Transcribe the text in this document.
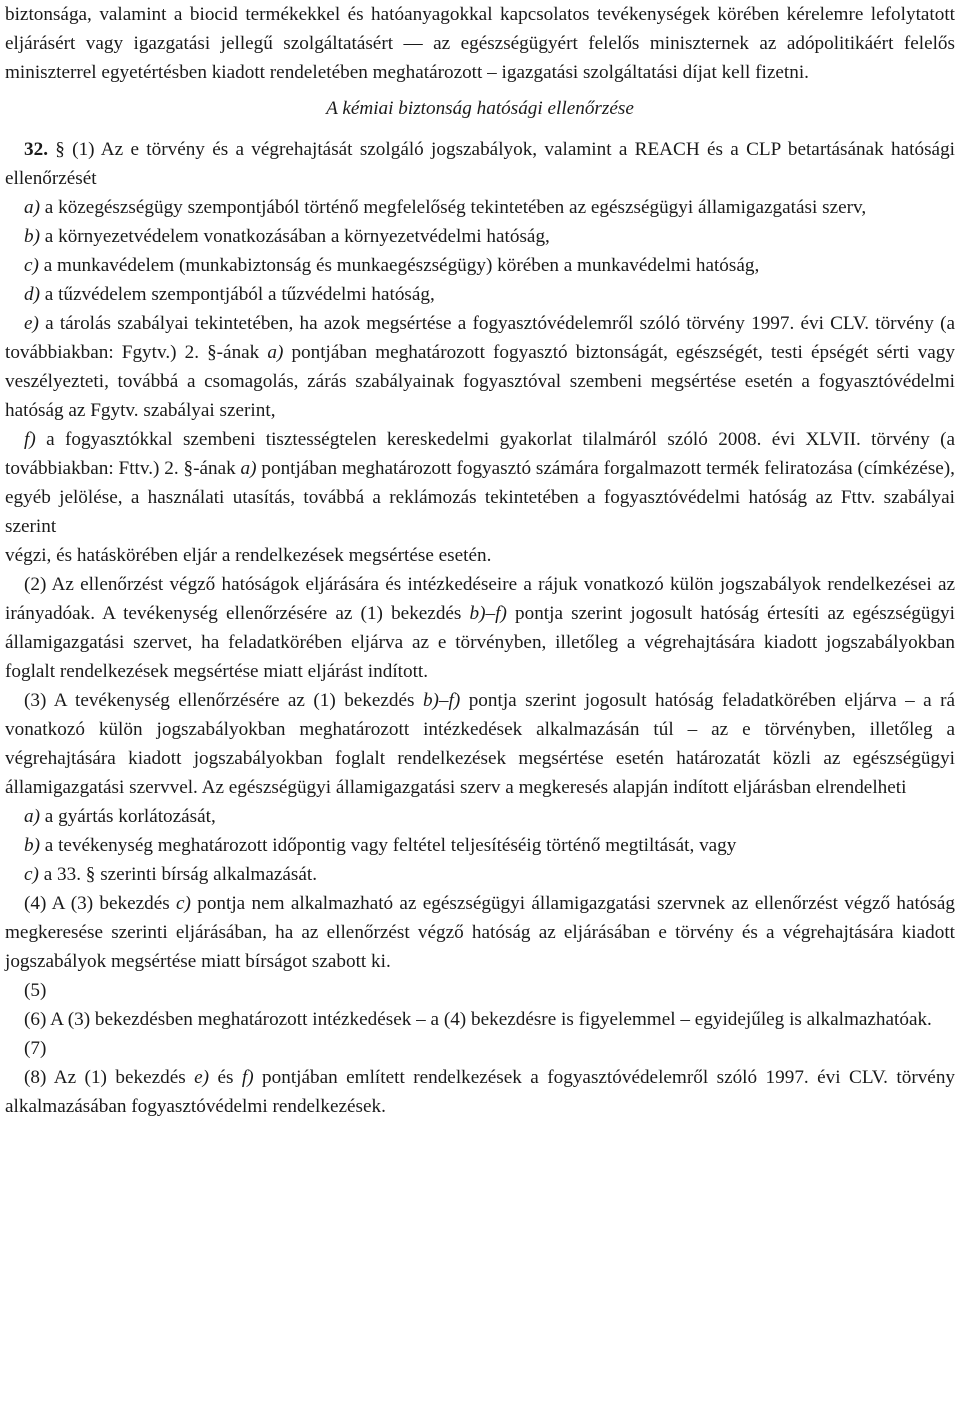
biztonsága, valamint a biocid termékekkel és hatóanyagokkal kapcsolatos tevékenységek körében kérelemre lefolytatott eljárásért vagy igazgatási jellegű szolgáltatásért — az egészségügyért felelős miniszternek az adópolitikáért felelős miniszterrel egyetértésben kiadott rendeletében meghatározott – igazgatási szolgáltatási díjat kell fizetni.

A kémiai biztonság hatósági ellenőrzése

32. § (1) Az e törvény és a végrehajtását szolgáló jogszabályok, valamint a REACH és a CLP betartásának hatósági ellenőrzését

a) a közegészségügy szempontjából történő megfelelőség tekintetében az egészségügyi államigazgatási szerv,

b) a környezetvédelem vonatkozásában a környezetvédelmi hatóság,

c) a munkavédelem (munkabiztonság és munkaegészségügy) körében a munkavédelmi hatóság,

d) a tűzvédelem szempontjából a tűzvédelmi hatóság,

e) a tárolás szabályai tekintetében, ha azok megsértése a fogyasztóvédelemről szóló törvény 1997. évi CLV. törvény (a továbbiakban: Fgytv.) 2. §-ának a) pontjában meghatározott fogyasztó biztonságát, egészségét, testi épségét sérti vagy veszélyezteti, továbbá a csomagolás, zárás szabályainak fogyasztóval szembeni megsértése esetén a fogyasztóvédelmi hatóság az Fgytv. szabályai szerint,

f) a fogyasztókkal szembeni tisztességtelen kereskedelmi gyakorlat tilalmáról szóló 2008. évi XLVII. törvény (a továbbiakban: Fttv.) 2. §-ának a) pontjában meghatározott fogyasztó számára forgalmazott termék feliratozása (címkézése), egyéb jelölése, a használati utasítás, továbbá a reklámozás tekintetében a fogyasztóvédelmi hatóság az Fttv. szabályai szerint

végzi, és hatáskörében eljár a rendelkezések megsértése esetén.

(2) Az ellenőrzést végző hatóságok eljárására és intézkedéseire a rájuk vonatkozó külön jogszabályok rendelkezései az irányadóak. A tevékenység ellenőrzésére az (1) bekezdés b)–f) pontja szerint jogosult hatóság értesíti az egészségügyi államigazgatási szervet, ha feladatkörében eljárva az e törvényben, illetőleg a végrehajtására kiadott jogszabályokban foglalt rendelkezések megsértése miatt eljárást indított.

(3) A tevékenység ellenőrzésére az (1) bekezdés b)–f) pontja szerint jogosult hatóság feladatkörében eljárva – a rá vonatkozó külön jogszabályokban meghatározott intézkedések alkalmazásán túl – az e törvényben, illetőleg a végrehajtására kiadott jogszabályokban foglalt rendelkezések megsértése esetén határozatát közli az egészségügyi államigazgatási szervvel. Az egészségügyi államigazgatási szerv a megkeresés alapján indított eljárásban elrendelheti

a) a gyártás korlátozását,

b) a tevékenység meghatározott időpontig vagy feltétel teljesítéséig történő megtiltását, vagy

c) a 33. § szerinti bírság alkalmazását.

(4) A (3) bekezdés c) pontja nem alkalmazható az egészségügyi államigazgatási szervnek az ellenőrzést végző hatóság megkeresése szerinti eljárásában, ha az ellenőrzést végző hatóság az eljárásában e törvény és a végrehajtására kiadott jogszabályok megsértése miatt bírságot szabott ki.

(5)

(6) A (3) bekezdésben meghatározott intézkedések – a (4) bekezdésre is figyelemmel – egyidejűleg is alkalmazhatóak.

(7)

(8) Az (1) bekezdés e) és f) pontjában említett rendelkezések a fogyasztóvédelemről szóló 1997. évi CLV. törvény alkalmazásában fogyasztóvédelmi rendelkezések.
